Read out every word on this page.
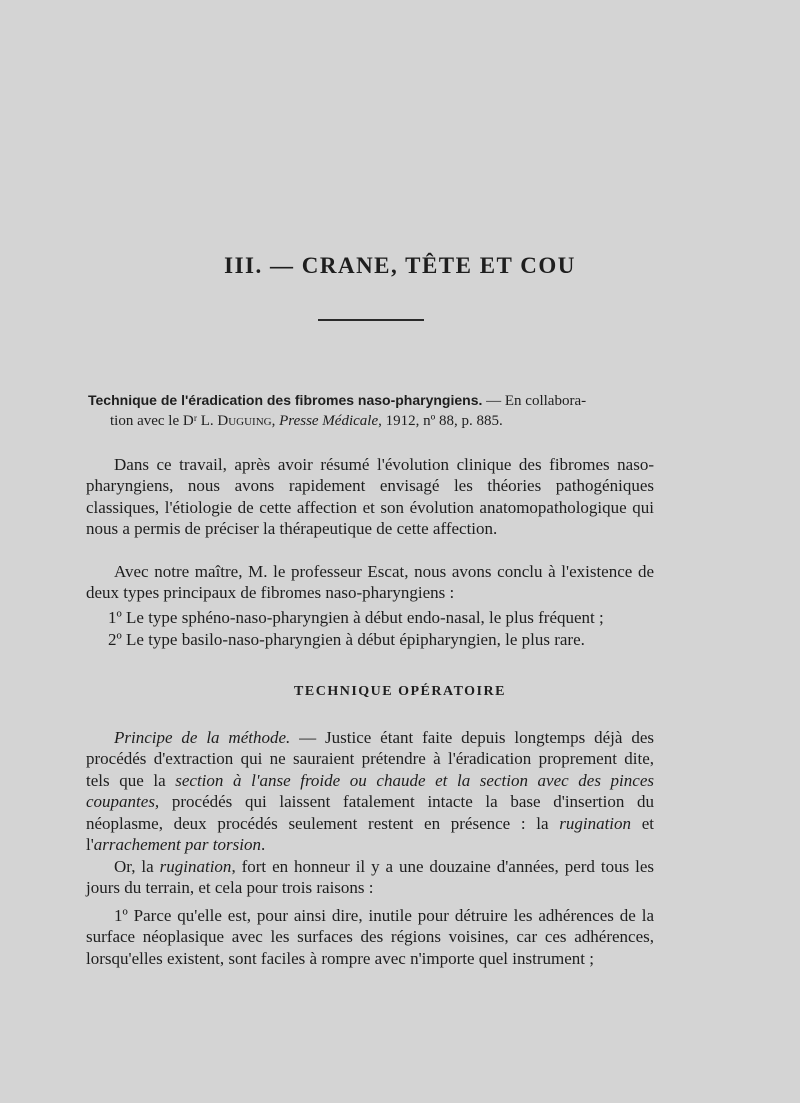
III. — CRANE, TÊTE ET COU

Technique de l'éradication des fibromes naso-pharyngiens. — En collabora-
tion avec le Dʳ L. Duguing, Presse Médicale, 1912, nº 88, p. 885.

Dans ce travail, après avoir résumé l'évolution clinique des fibromes naso-pharyngiens, nous avons rapidement envisagé les théories pathogéniques classiques, l'étiologie de cette affection et son évolution anatomopathologique qui nous a permis de préciser la thérapeutique de cette affection.

Avec notre maître, M. le professeur Escat, nous avons conclu à l'existence de deux types principaux de fibromes naso-pharyngiens :

1º Le type sphéno-naso-pharyngien à début endo-nasal, le plus fréquent ;

2º Le type basilo-naso-pharyngien à début épipharyngien, le plus rare.

TECHNIQUE OPÉRATOIRE

Principe de la méthode. — Justice étant faite depuis longtemps déjà des procédés d'extraction qui ne sauraient prétendre à l'éradication proprement dite, tels que la section à l'anse froide ou chaude et la section avec des pinces coupantes, procédés qui laissent fatalement intacte la base d'insertion du néoplasme, deux procédés seulement restent en présence : la rugination et l'arrachement par torsion.

Or, la rugination, fort en honneur il y a une douzaine d'années, perd tous les jours du terrain, et cela pour trois raisons :

1º Parce qu'elle est, pour ainsi dire, inutile pour détruire les adhérences de la surface néoplasique avec les surfaces des régions voisines, car ces adhérences, lorsqu'elles existent, sont faciles à rompre avec n'importe quel instrument ;
